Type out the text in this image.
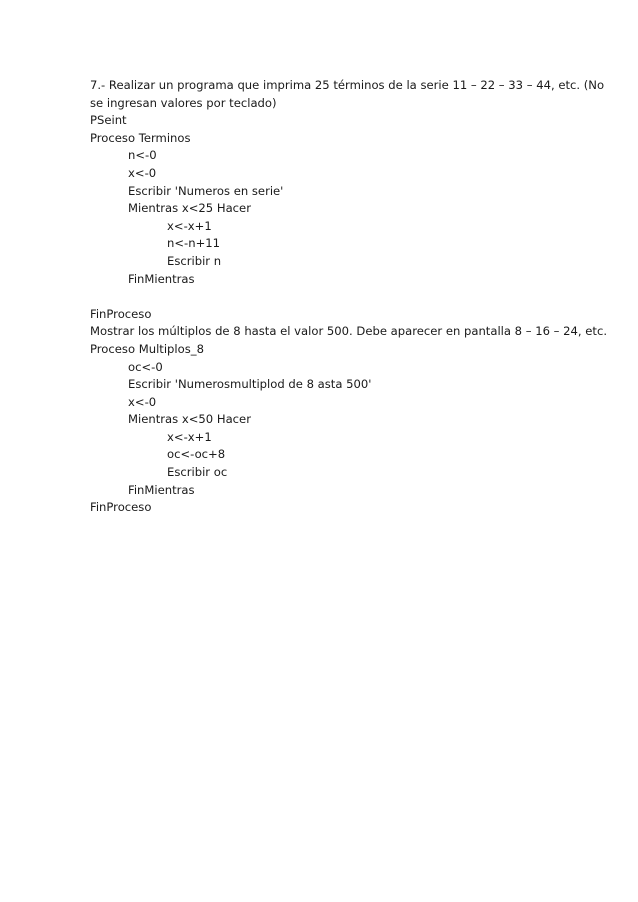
7.- Realizar un programa que imprima 25 términos de la serie 11 – 22 – 33 – 44, etc. (No
se ingresan valores por teclado)
PSeint
Proceso Terminos
n<-0
x<-0
Escribir 'Numeros en serie'
Mientras x<25 Hacer
x<-x+1
n<-n+11
Escribir n
FinMientras
FinProceso
Mostrar los múltiplos de 8 hasta el valor 500. Debe aparecer en pantalla 8 – 16 – 24, etc.
Proceso Multiplos_8
oc<-0
Escribir 'Numerosmultiplod de 8 asta 500'
x<-0
Mientras x<50 Hacer
x<-x+1
oc<-oc+8
Escribir oc
FinMientras
FinProceso
